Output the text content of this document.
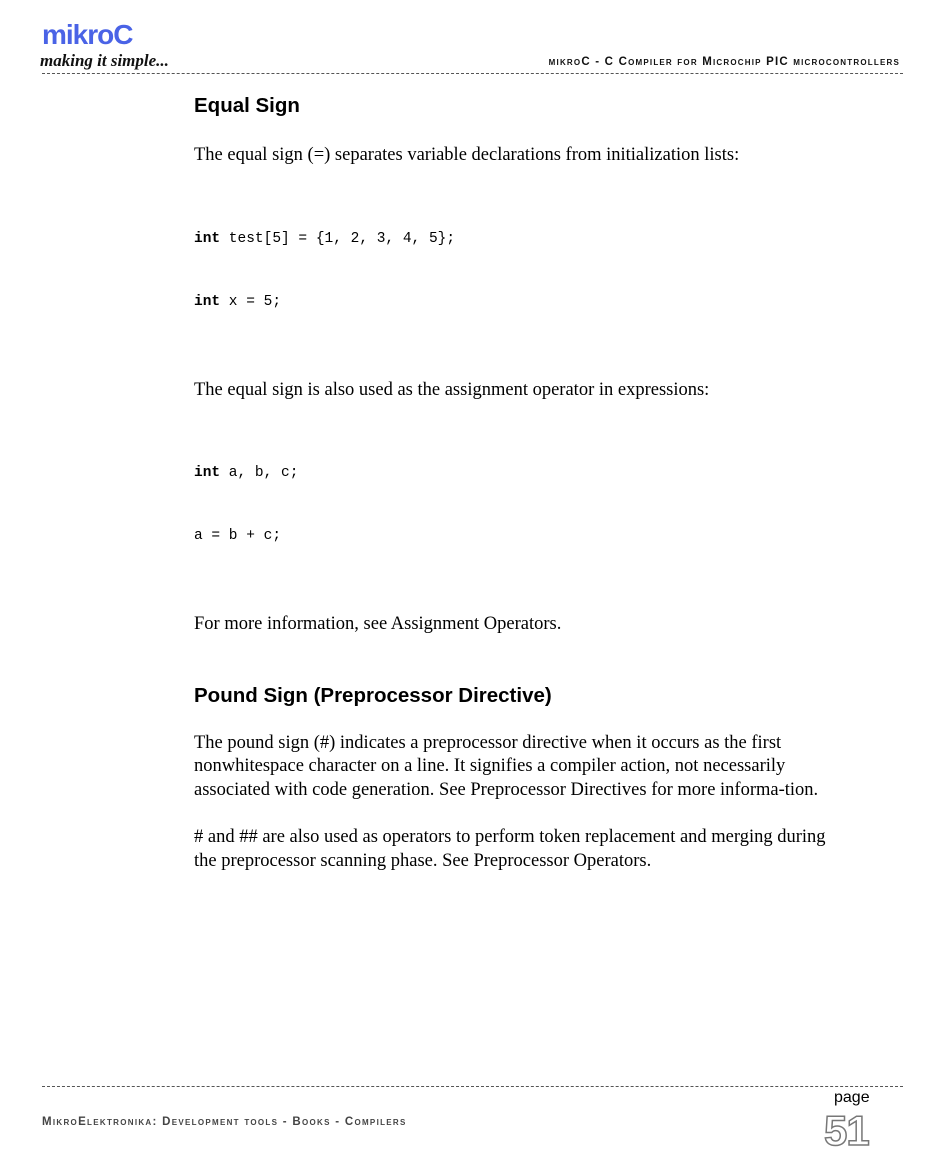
mikroC
making it simple...	mikroC - C Compiler for Microchip PIC microcontrollers
Equal Sign

The equal sign (=) separates variable declarations from initialization lists:

int test[5] = {1, 2, 3, 4, 5};

int x = 5;

The equal sign is also used as the assignment operator in expressions:

int a, b, c;

a = b + c;

For more information, see Assignment Operators.

Pound Sign (Preprocessor Directive)

The pound sign (#) indicates a preprocessor directive when it occurs as the first nonwhitespace character on a line. It signifies a compiler action, not necessarily associated with code generation. See Preprocessor Directives for more informa-tion.

# and ## are also used as operators to perform token replacement and merging during the preprocessor scanning phase. See Preprocessor Operators.

MikroElektronika: Development tools - Books - Compilers
page
51
